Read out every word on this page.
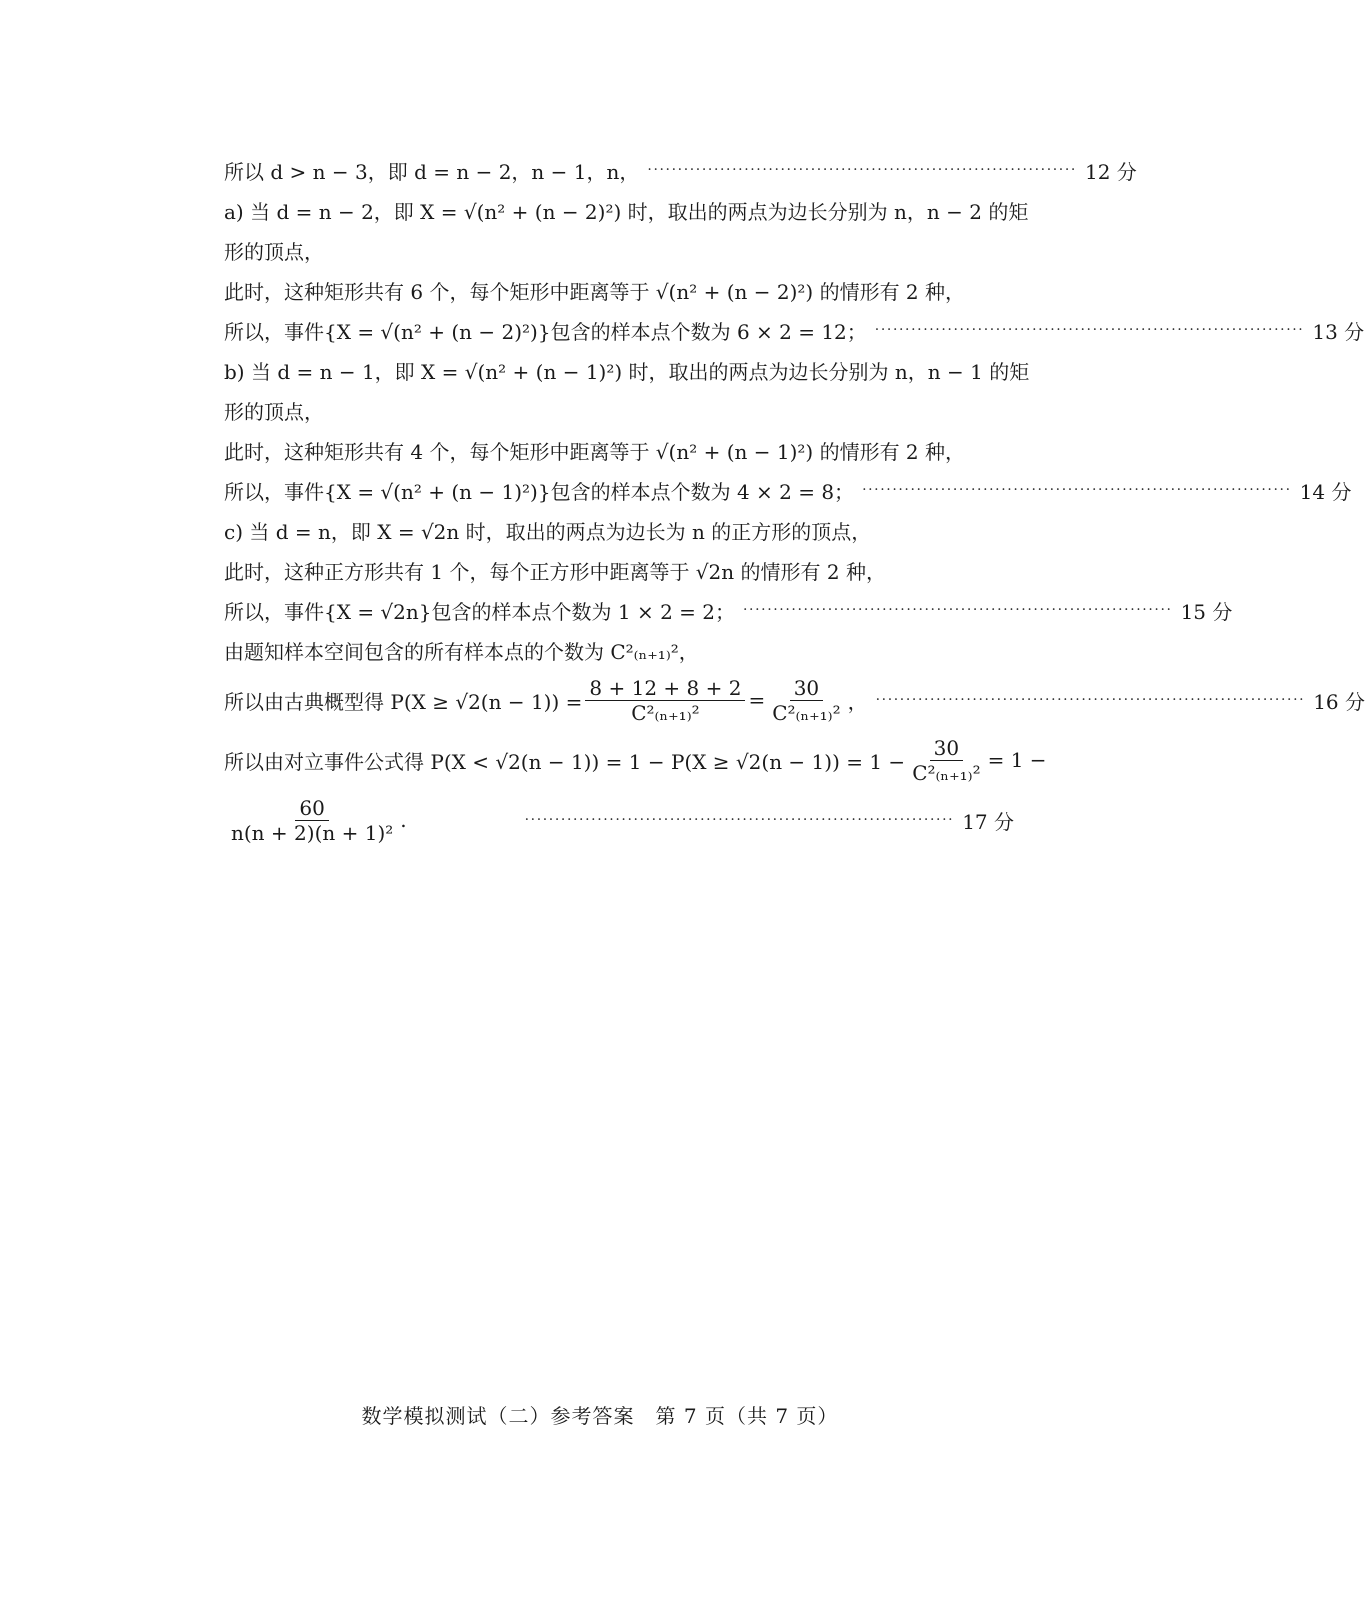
所以 d > n − 3，即 d = n − 2，n − 1，n， ······································································· 12 分
a) 当 d = n − 2，即 X = √(n² + (n − 2)²) 时，取出的两点为边长分别为 n，n − 2 的矩
形的顶点，
此时，这种矩形共有 6 个，每个矩形中距离等于 √(n² + (n − 2)²) 的情形有 2 种，
所以，事件{X = √(n² + (n − 2)²)}包含的样本点个数为 6 × 2 = 12； ······································································· 13 分
b) 当 d = n − 1，即 X = √(n² + (n − 1)²) 时，取出的两点为边长分别为 n，n − 1 的矩
形的顶点，
此时，这种矩形共有 4 个，每个矩形中距离等于 √(n² + (n − 1)²) 的情形有 2 种，
所以，事件{X = √(n² + (n − 1)²)}包含的样本点个数为 4 × 2 = 8； ······································································· 14 分
c) 当 d = n，即 X = √2n 时，取出的两点为边长为 n 的正方形的顶点，
此时，这种正方形共有 1 个，每个正方形中距离等于 √2n 的情形有 2 种，
所以，事件{X = √2n}包含的样本点个数为 1 × 2 = 2； ······································································· 15 分
由题知样本空间包含的所有样本点的个数为 C²₍ₙ₊₁₎²，
所以由古典概型得 $P(X \ge √2(n - 1)) = \frac{8 + 12 + 8 + 2}{\text{C²₍ₙ₊₁₎²}} = \frac{30}{\text{C²₍ₙ₊₁₎²}}$ ， ······································································· 16 分
所以由对立事件公式得 $P(X < √2(n - 1)) = 1 - P(X \ge √2(n - 1)) = 1 - \frac{30}{\text{C²₍ₙ₊₁₎²}} = 1$ −
$\frac{60}{\text{n(n + 2)(n + 1)²}}$ .	······································································· 17 分
数学模拟测试（二）参考答案　第 7 页（共 7 页）
